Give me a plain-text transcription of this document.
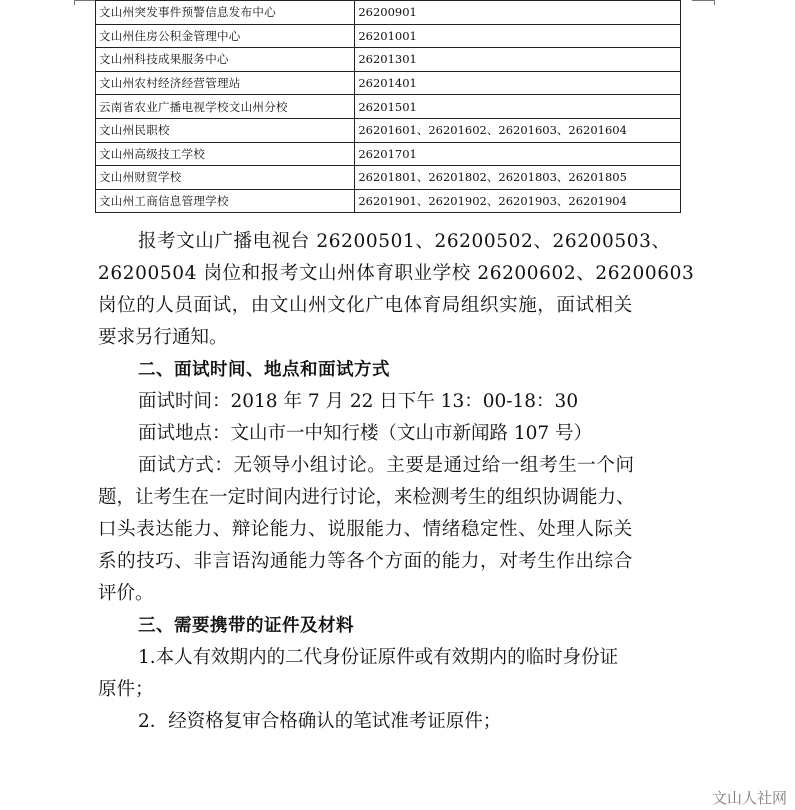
文山州突发事件预警信息发布中心	26200901
文山州住房公积金管理中心	26201001
文山州科技成果服务中心	26201301
文山州农村经济经营管理站	26201401
云南省农业广播电视学校文山州分校	26201501
文山州民职校	26201601、26201602、26201603、26201604
文山州高级技工学校	26201701
文山州财贸学校	26201801、26201802、26201803、26201805
文山州工商信息管理学校	26201901、26201902、26201903、26201904

报考文山广播电视台 26200501、26200502、26200503、

26200504 岗位和报考文山州体育职业学校 26200602、26200603

岗位的人员面试，由文山州文化广电体育局组织实施，面试相关

要求另行通知。

二、面试时间、地点和面试方式

面试时间：2018 年 7 月 22 日下午 13：00-18：30

面试地点：文山市一中知行楼（文山市新闻路 107 号）

面试方式：无领导小组讨论。主要是通过给一组考生一个问

题，让考生在一定时间内进行讨论，来检测考生的组织协调能力、

口头表达能力、辩论能力、说服能力、情绪稳定性、处理人际关

系的技巧、非言语沟通能力等各个方面的能力，对考生作出综合

评价。

三、需要携带的证件及材料

1.本人有效期内的二代身份证原件或有效期内的临时身份证

原件；

2．经资格复审合格确认的笔试准考证原件；

文山人社网
